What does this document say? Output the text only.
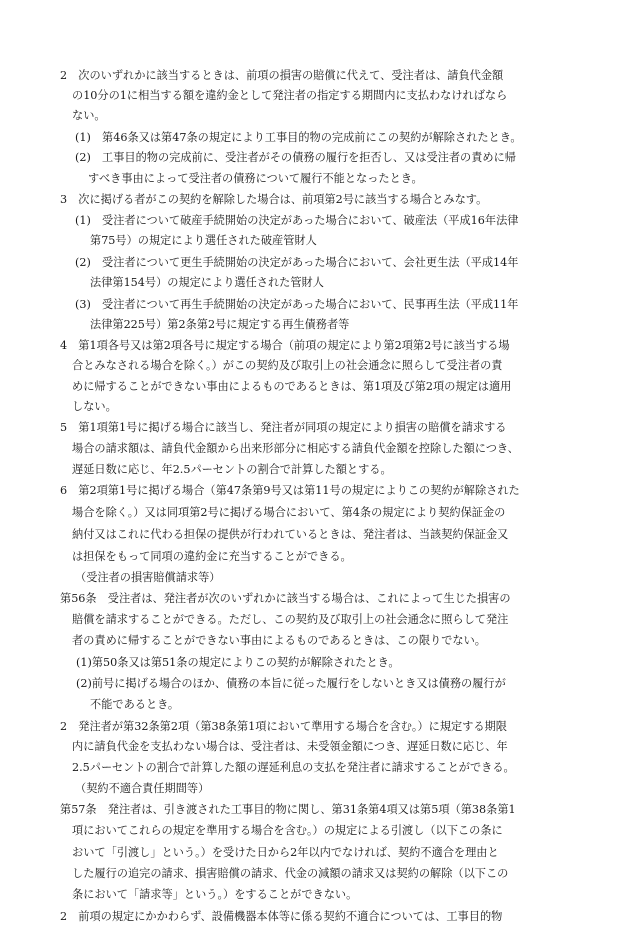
2　次のいずれかに該当するときは、前項の損害の賠償に代えて、受注者は、請負代金額
の10分の1に相当する額を違約金として発注者の指定する期間内に支払わなければなら
ない。
(1)　第46条又は第47条の規定により工事目的物の完成前にこの契約が解除されたとき。
(2)　工事目的物の完成前に、受注者がその債務の履行を拒否し、又は受注者の責めに帰
すべき事由によって受注者の債務について履行不能となったとき。
3　次に掲げる者がこの契約を解除した場合は、前項第2号に該当する場合とみなす。
(1)　受注者について破産手続開始の決定があった場合において、破産法（平成16年法律
第75号）の規定により選任された破産管財人
(2)　受注者について更生手続開始の決定があった場合において、会社更生法（平成14年
法律第154号）の規定により選任された管財人
(3)　受注者について再生手続開始の決定があった場合において、民事再生法（平成11年
法律第225号）第2条第2号に規定する再生債務者等
4　第1項各号又は第2項各号に規定する場合（前項の規定により第2項第2号に該当する場
合とみなされる場合を除く。）がこの契約及び取引上の社会通念に照らして受注者の責
めに帰することができない事由によるものであるときは、第1項及び第2項の規定は適用
しない。
5　第1項第1号に掲げる場合に該当し、発注者が同項の規定により損害の賠償を請求する
場合の請求額は、請負代金額から出来形部分に相応する請負代金額を控除した額につき、
遅延日数に応じ、年2.5パーセントの割合で計算した額とする。
6　第2項第1号に掲げる場合（第47条第9号又は第11号の規定によりこの契約が解除された
場合を除く。）又は同項第2号に掲げる場合において、第4条の規定により契約保証金の
納付又はこれに代わる担保の提供が行われているときは、発注者は、当該契約保証金又
は担保をもって同項の違約金に充当することができる。
（受注者の損害賠償請求等）
第56条　受注者は、発注者が次のいずれかに該当する場合は、これによって生じた損害の
賠償を請求することができる。ただし、この契約及び取引上の社会通念に照らして発注
者の責めに帰することができない事由によるものであるときは、この限りでない。
(1)第50条又は第51条の規定によりこの契約が解除されたとき。
(2)前号に掲げる場合のほか、債務の本旨に従った履行をしないとき又は債務の履行が
不能であるとき。
2　発注者が第32条第2項（第38条第1項において準用する場合を含む。）に規定する期限
内に請負代金を支払わない場合は、受注者は、未受領金額につき、遅延日数に応じ、年
2.5パーセントの割合で計算した額の遅延利息の支払を発注者に請求することができる。
（契約不適合責任期間等）
第57条　発注者は、引き渡された工事目的物に関し、第31条第4項又は第5項（第38条第1
項においてこれらの規定を準用する場合を含む。）の規定による引渡し（以下この条に
おいて「引渡し」という。）を受けた日から2年以内でなければ、契約不適合を理由と
した履行の追完の請求、損害賠償の請求、代金の減額の請求又は契約の解除（以下この
条において「請求等」という。）をすることができない。
2　前項の規定にかかわらず、設備機器本体等に係る契約不適合については、工事目的物
